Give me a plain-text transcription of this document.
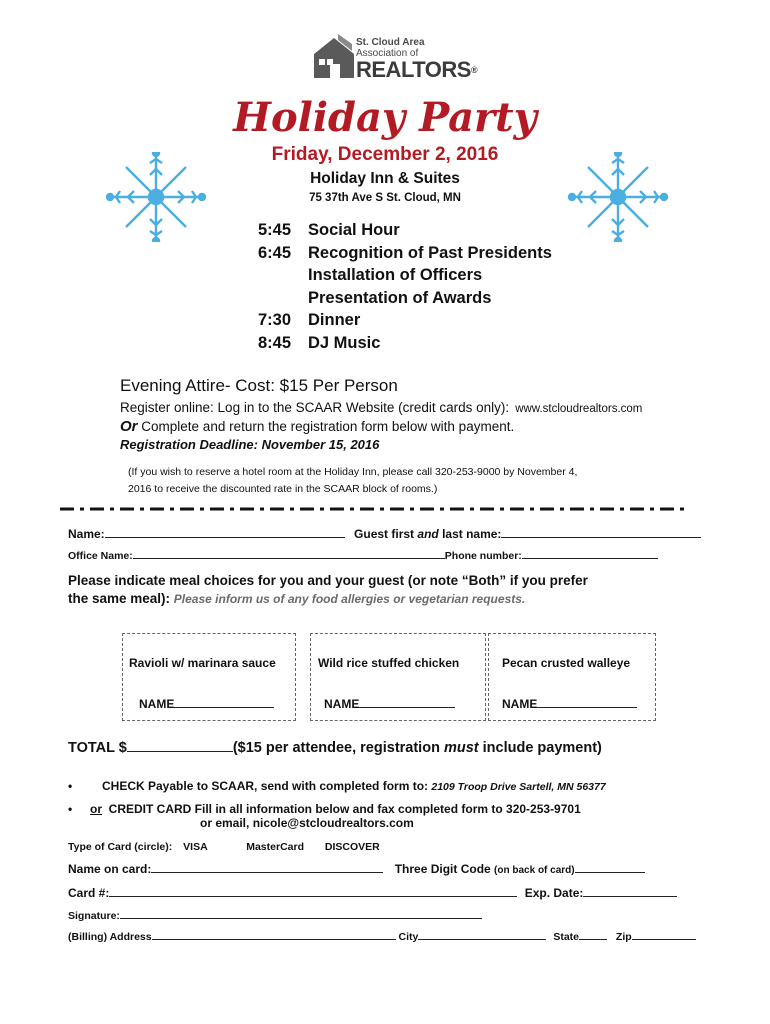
St. Cloud Area
Association of
REALTORS®
Holiday Party
Friday, December 2, 2016
Holiday Inn & Suites
75 37th Ave S St. Cloud, MN
5:45 Social Hour
6:45 Recognition of Past Presidents
Installation of Officers
Presentation of Awards
7:30 Dinner
8:45 DJ Music
Evening Attire- Cost: $15 Per Person
Register online: Log in to the SCAAR Website (credit cards only): www.stcloudrealtors.com
Or Complete and return the registration form below with payment.
Registration Deadline: November 15, 2016
(If you wish to reserve a hotel room at the Holiday Inn, please call 320-253-9000 by November 4,
2016 to receive the discounted rate in the SCAAR block of rooms.)
Name:	Guest first and last name:
Office Name:	Phone number:
Please indicate meal choices for you and your guest (or note “Both” if you prefer
the same meal): Please inform us of any food allergies or vegetarian requests.
Ravioli w/ marinara sauce
NAME
Wild rice stuffed chicken
NAME
Pecan crusted walleye
NAME
TOTAL $	($15 per attendee, registration must include payment)
• CHECK Payable to SCAAR, send with completed form to: 2109 Troop Drive Sartell, MN 56377
• or CREDIT CARD Fill in all information below and fax completed form to 320-253-9701
or email, nicole@stcloudrealtors.com
Type of Card (circle): VISA	MasterCard DISCOVER
Name on card:	Three Digit Code (on back of card)
Card #:	Exp. Date:
Signature:
(Billing) Address	City	State	Zip
